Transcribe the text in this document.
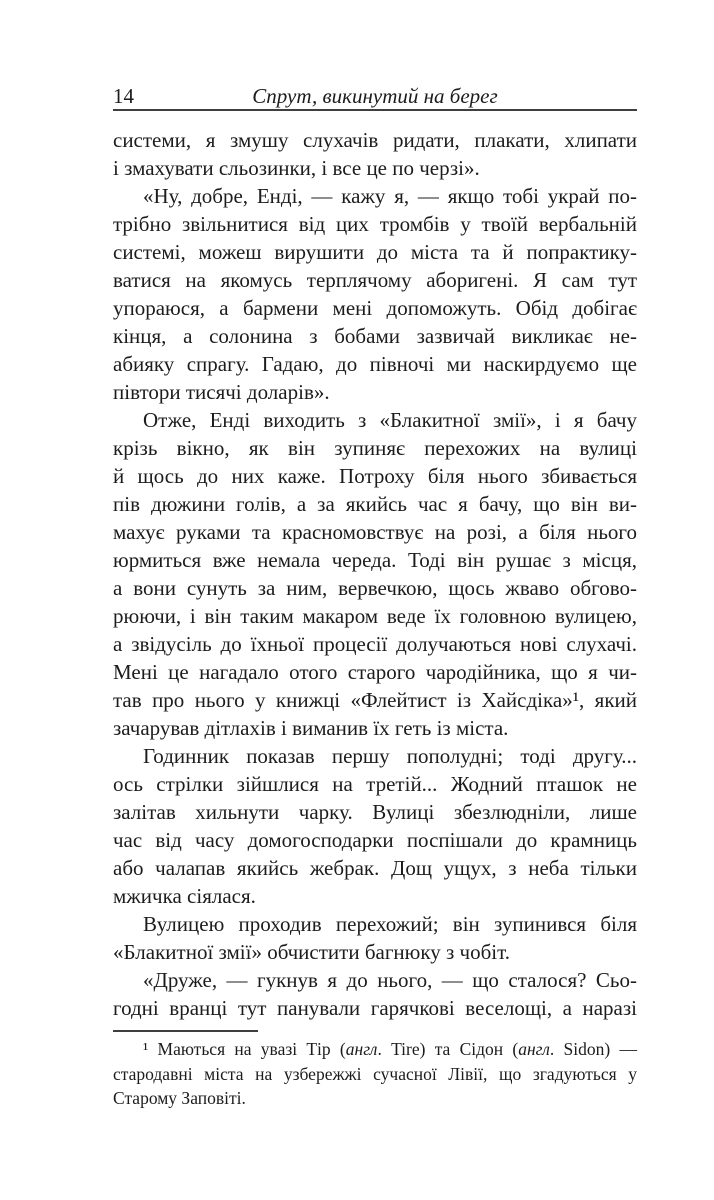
14	Спрут, викинутий на берег
системи, я змушу слухачів ридати, плакати, хлипати
і змахувати сльозинки, і все це по черзі».
«Ну, добре, Енді, — кажу я, — якщо тобі украй по-
трібно звільнитися від цих тромбів у твоїй вербальній
системі, можеш вирушити до міста та й попрактику-
ватися на якомусь терплячому аборигені. Я сам тут
упораюся, а бармени мені допоможуть. Обід добігає
кінця, а солонина з бобами зазвичай викликає не-
абияку спрагу. Гадаю, до півночі ми наскирдуємо ще
півтори тисячі доларів».
Отже, Енді виходить з «Блакитної змії», і я бачу
крізь вікно, як він зупиняє перехожих на вулиці
й щось до них каже. Потроху біля нього збивається
пів дюжини голів, а за якийсь час я бачу, що він ви-
махує руками та красномовствує на розі, а біля нього
юрмиться вже немала череда. Тоді він рушає з місця,
а вони сунуть за ним, вервечкою, щось жваво обгово-
рюючи, і він таким макаром веде їх головною вулицею,
а звідусіль до їхньої процесії долучаються нові слухачі.
Мені це нагадало отого старого чародійника, що я чи-
тав про нього у книжці «Флейтист із Хайсдіка»¹, який
зачарував дітлахів і виманив їх геть із міста.
Годинник показав першу пополудні; тоді другу...
ось стрілки зійшлися на третій... Жодний пташок не
залітав хильнути чарку. Вулиці збезлюдніли, лише
час від часу домогосподарки поспішали до крамниць
або чалапав якийсь жебрак. Дощ ущух, з неба тільки
мжичка сіялася.
Вулицею проходив перехожий; він зупинився біля
«Блакитної змії» обчистити багнюку з чобіт.
«Друже, — гукнув я до нього, — що сталося? Сьо-
годні вранці тут панували гарячкові веселощі, а наразі
¹ Маються на увазі Тір (англ. Tire) та Сідон (англ. Sidon) —
стародавні міста на узбережжі сучасної Лівії, що згадуються у
Старому Заповіті.
